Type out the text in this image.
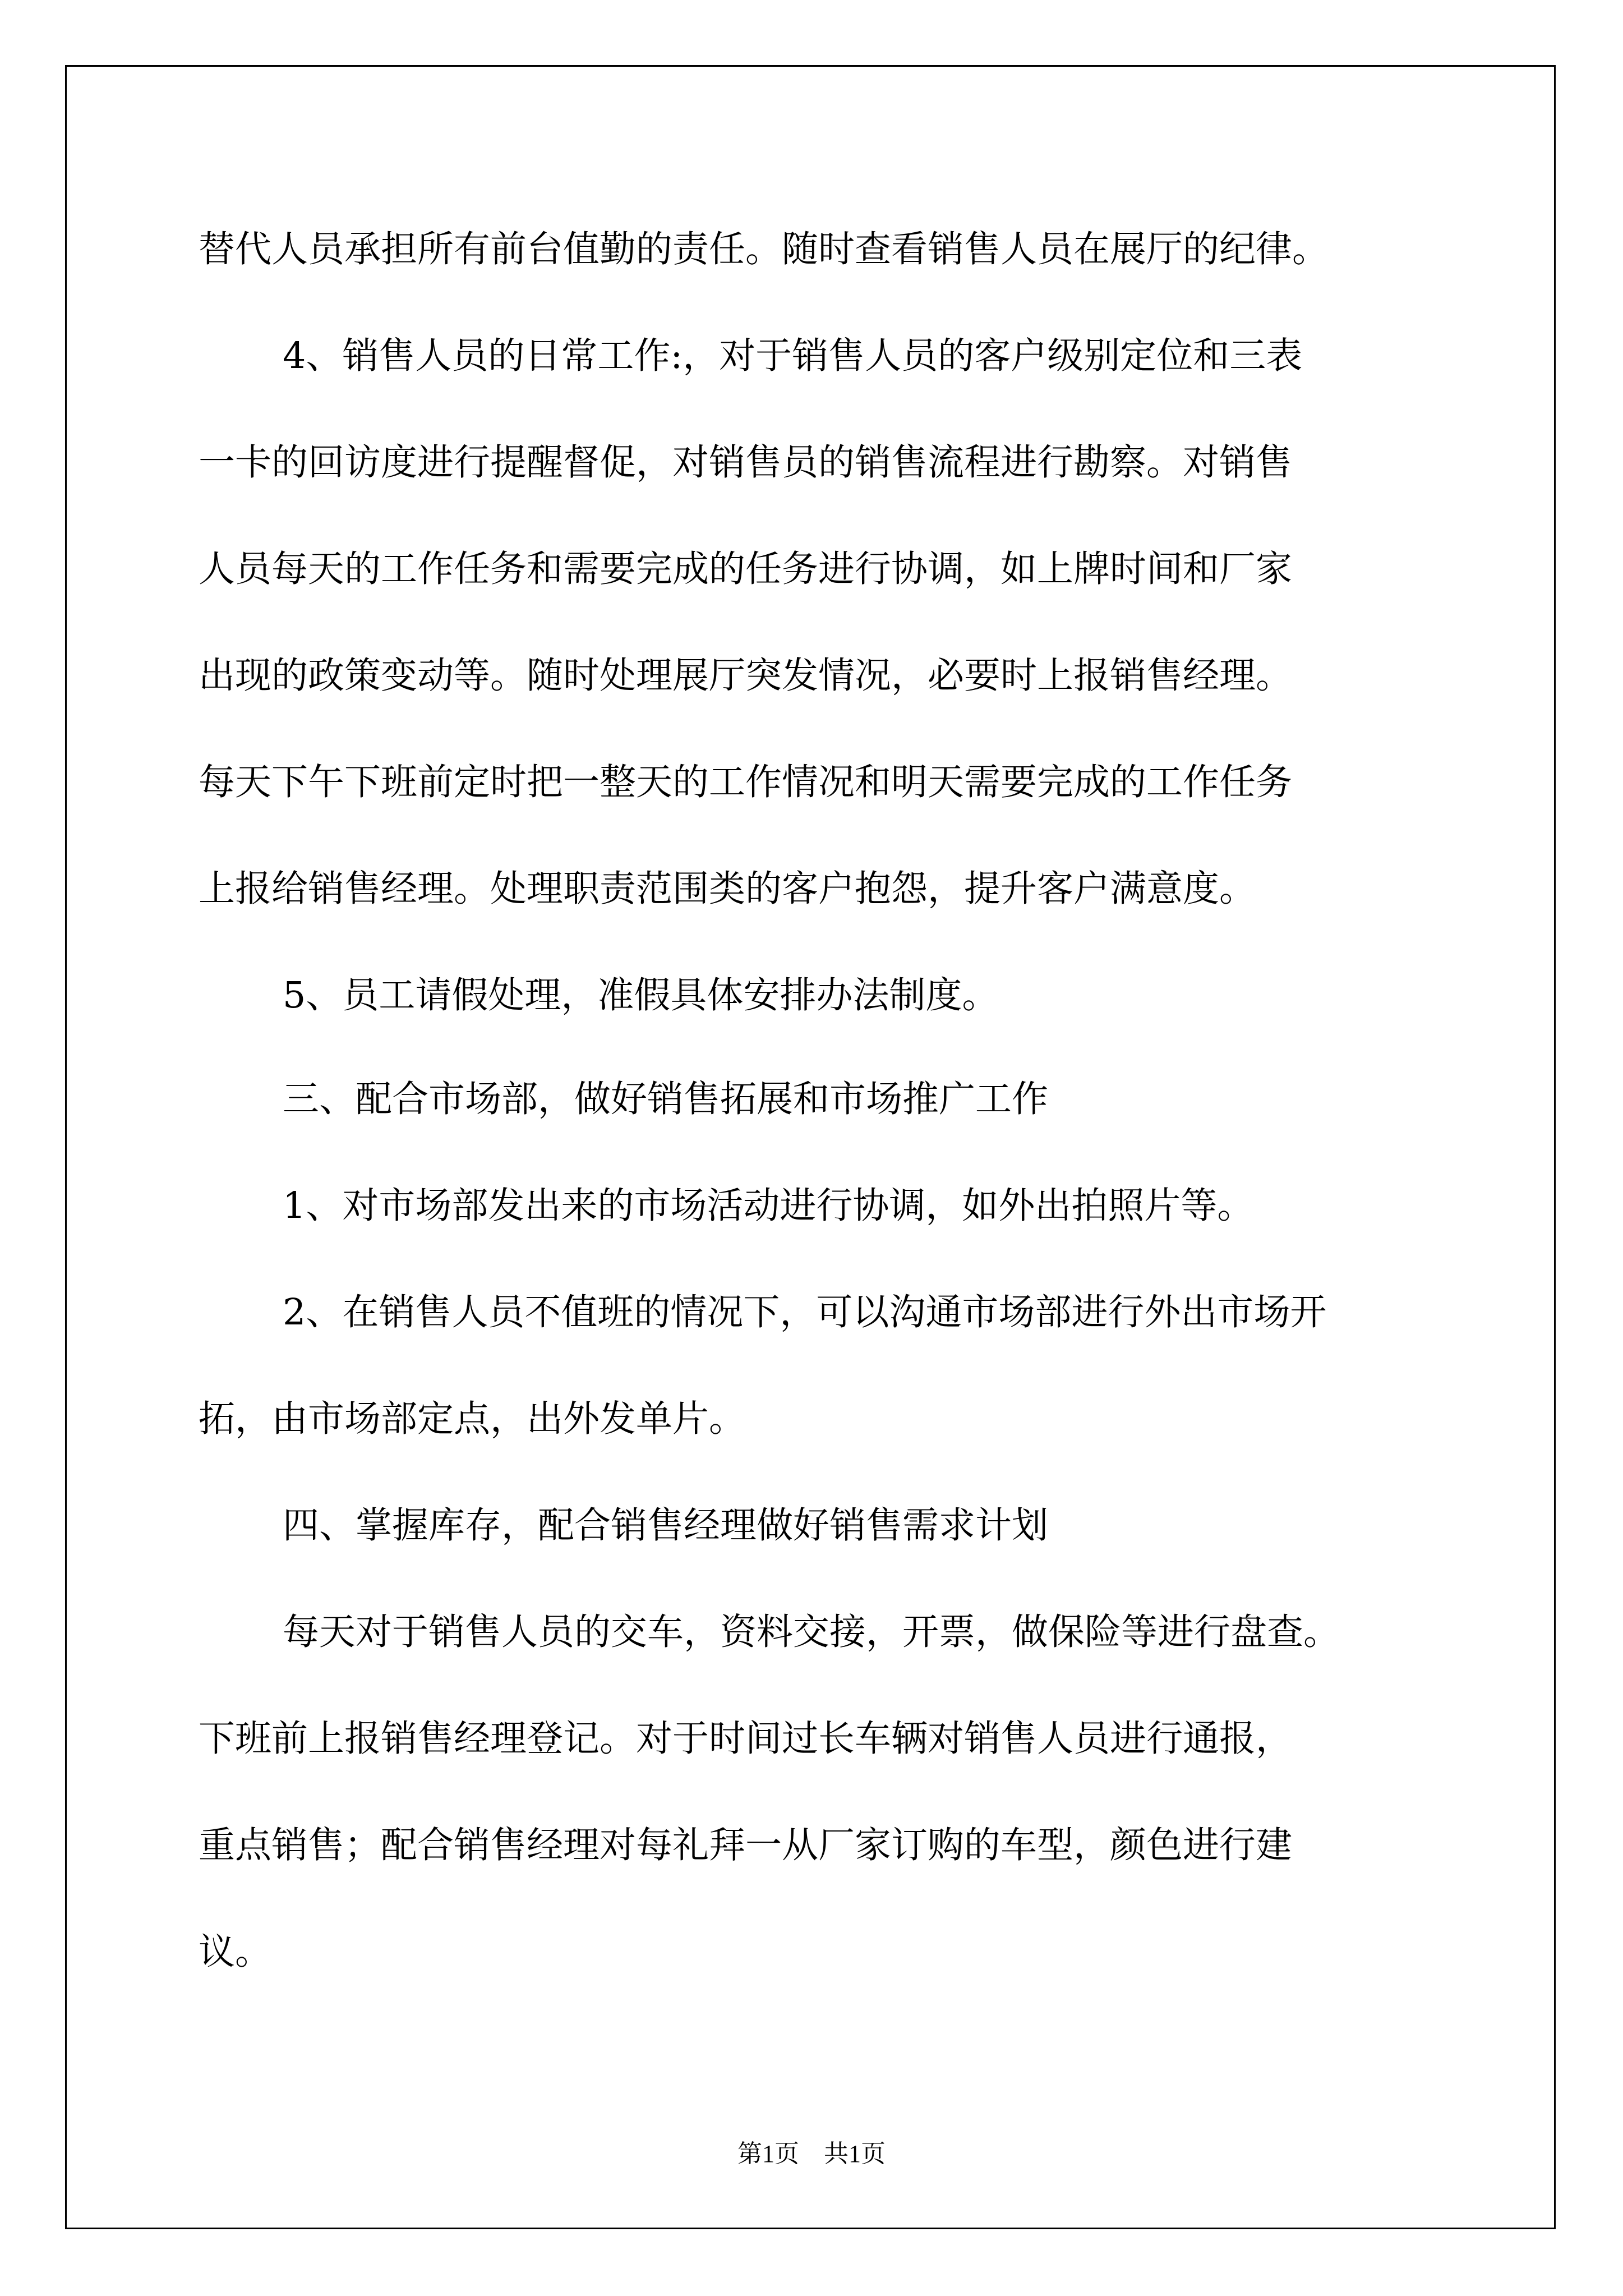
替代人员承担所有前台值勤的责任。随时查看销售人员在展厅的纪律。
4、销售人员的日常工作:，对于销售人员的客户级别定位和三表
一卡的回访度进行提醒督促，对销售员的销售流程进行勘察。对销售
人员每天的工作任务和需要完成的任务进行协调，如上牌时间和厂家
出现的政策变动等。随时处理展厅突发情况，必要时上报销售经理。
每天下午下班前定时把一整天的工作情况和明天需要完成的工作任务
上报给销售经理。处理职责范围类的客户抱怨，提升客户满意度。
5、员工请假处理，准假具体安排办法制度。
三、配合市场部，做好销售拓展和市场推广工作
1、对市场部发出来的市场活动进行协调，如外出拍照片等。
2、在销售人员不值班的情况下，可以沟通市场部进行外出市场开
拓，由市场部定点，出外发单片。
四、掌握库存，配合销售经理做好销售需求计划
每天对于销售人员的交车，资料交接，开票，做保险等进行盘查。
下班前上报销售经理登记。对于时间过长车辆对销售人员进行通报，
重点销售；配合销售经理对每礼拜一从厂家订购的车型，颜色进行建
议。
第1页 共1页
